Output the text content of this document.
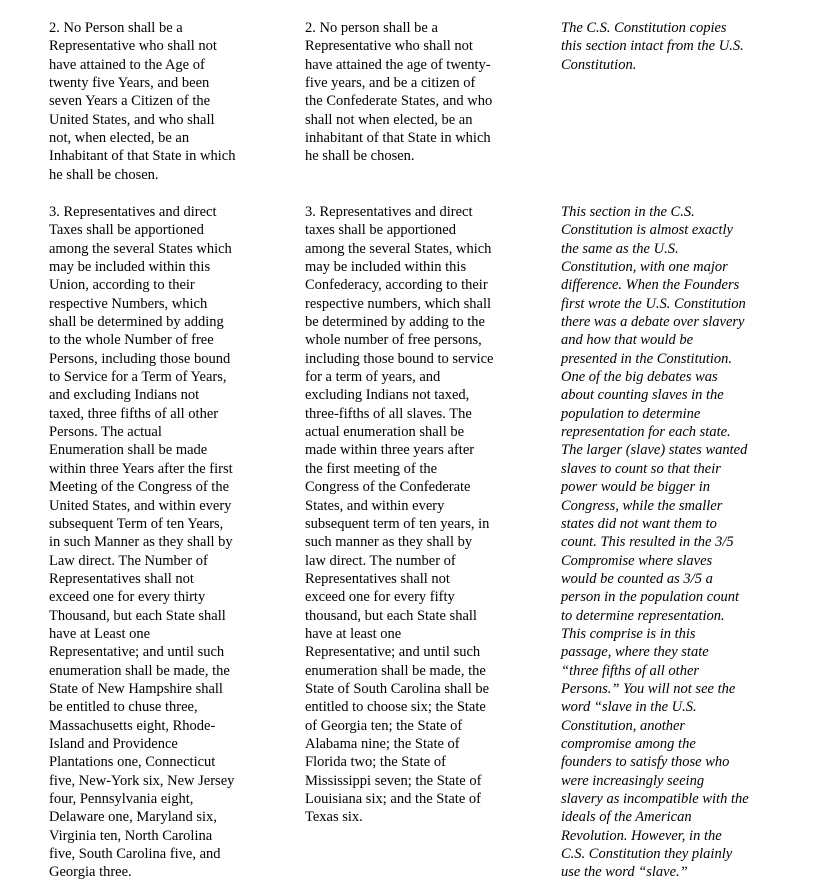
2. No Person shall be a
Representative who shall not
have attained to the Age of
twenty five Years, and been
seven Years a Citizen of the
United States, and who shall
not, when elected, be an
Inhabitant of that State in which
he shall be chosen.

2. No person shall be a
Representative who shall not
have attained the age of twenty-
five years, and be a citizen of
the Confederate States, and who
shall not when elected, be an
inhabitant of that State in which
he shall be chosen.

The C.S. Constitution copies
this section intact from the U.S.
Constitution.

3. Representatives and direct
Taxes shall be apportioned
among the several States which
may be included within this
Union, according to their
respective Numbers, which
shall be determined by adding
to the whole Number of free
Persons, including those bound
to Service for a Term of Years,
and excluding Indians not
taxed, three fifths of all other
Persons. The actual
Enumeration shall be made
within three Years after the first
Meeting of the Congress of the
United States, and within every
subsequent Term of ten Years,
in such Manner as they shall by
Law direct. The Number of
Representatives shall not
exceed one for every thirty
Thousand, but each State shall
have at Least one
Representative; and until such
enumeration shall be made, the
State of New Hampshire shall
be entitled to chuse three,
Massachusetts eight, Rhode-
Island and Providence
Plantations one, Connecticut
five, New-York six, New Jersey
four, Pennsylvania eight,
Delaware one, Maryland six,
Virginia ten, North Carolina
five, South Carolina five, and
Georgia three.

3. Representatives and direct
taxes shall be apportioned
among the several States, which
may be included within this
Confederacy, according to their
respective numbers, which shall
be determined by adding to the
whole number of free persons,
including those bound to service
for a term of years, and
excluding Indians not taxed,
three-fifths of all slaves. The
actual enumeration shall be
made within three years after
the first meeting of the
Congress of the Confederate
States, and within every
subsequent term of ten years, in
such manner as they shall by
law direct. The number of
Representatives shall not
exceed one for every fifty
thousand, but each State shall
have at least one
Representative; and until such
enumeration shall be made, the
State of South Carolina shall be
entitled to choose six; the State
of Georgia ten; the State of
Alabama nine; the State of
Florida two; the State of
Mississippi seven; the State of
Louisiana six; and the State of
Texas six.

This section in the C.S.
Constitution is almost exactly
the same as the U.S.
Constitution, with one major
difference. When the Founders
first wrote the U.S. Constitution
there was a debate over slavery
and how that would be
presented in the Constitution.
One of the big debates was
about counting slaves in the
population to determine
representation for each state.
The larger (slave) states wanted
slaves to count so that their
power would be bigger in
Congress, while the smaller
states did not want them to
count. This resulted in the 3/5
Compromise where slaves
would be counted as 3/5 a
person in the population count
to determine representation.
This comprise is in this
passage, where they state
“three fifths of all other
Persons.” You will not see the
word “slave in the U.S.
Constitution, another
compromise among the
founders to satisfy those who
were increasingly seeing
slavery as incompatible with the
ideals of the American
Revolution. However, in the
C.S. Constitution they plainly
use the word “slave.”
